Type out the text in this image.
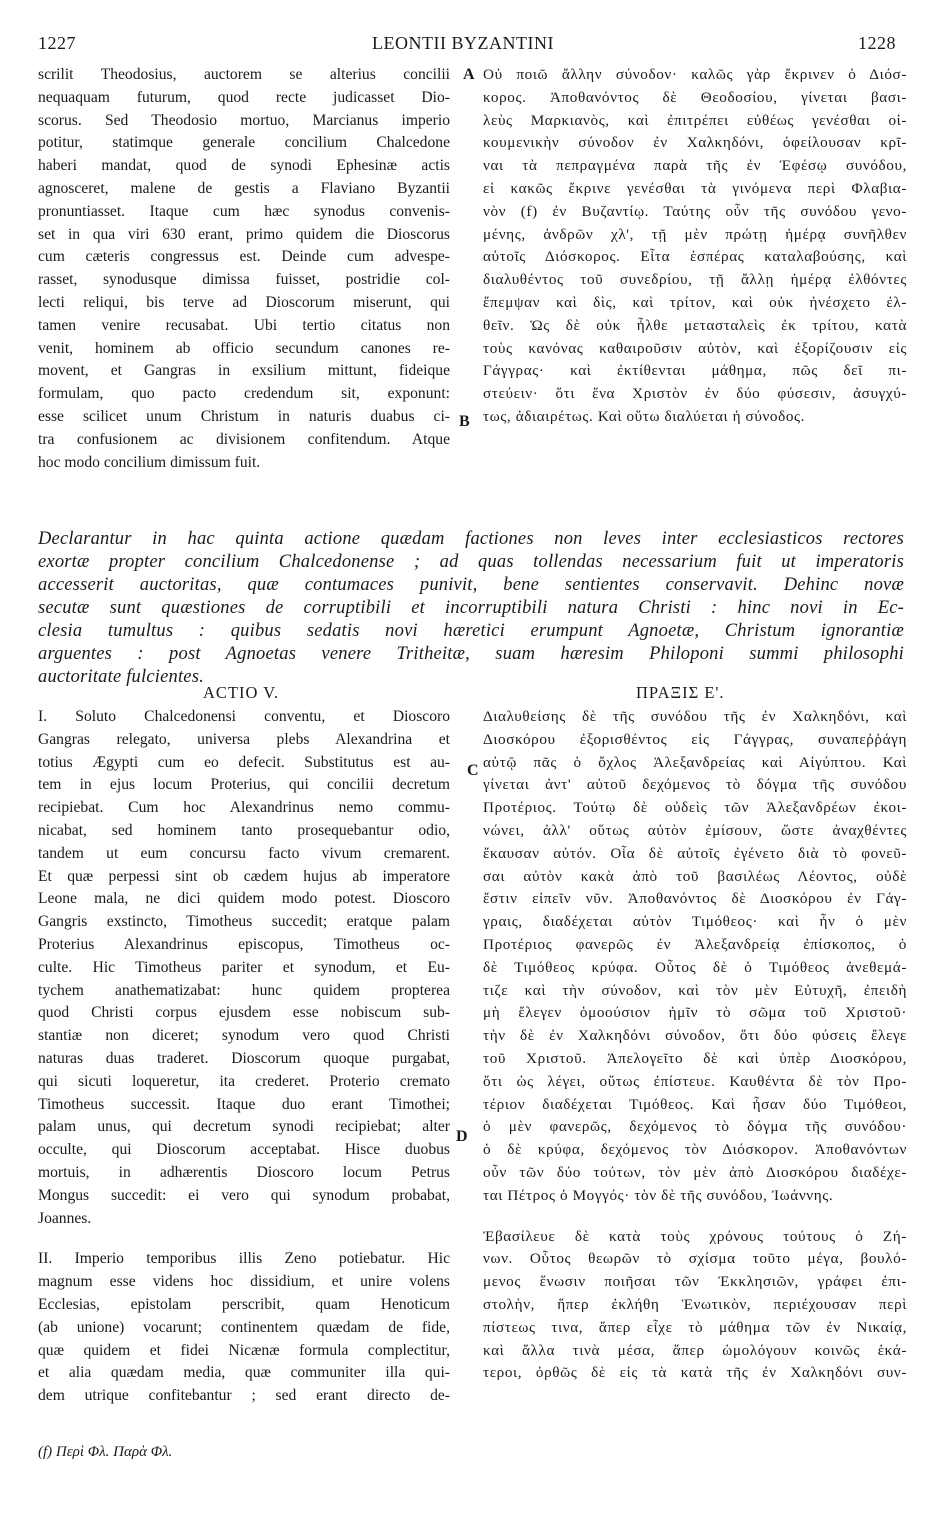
1227	LEONTII BYZANTINI	1228
A
B
C
D
scrilit Theodosius, auctorem se alterius concilii
nequaquam futurum, quod recte judicasset Dio-
scorus. Sed Theodosio mortuo, Marcianus imperio
potitur, statimque generale concilium Chalcedone
haberi mandat, quod de synodi Ephesinæ actis
agnosceret, malene de gestis a Flaviano Byzantii
pronuntiasset. Itaque cum hæc synodus convenis-
set in qua viri 630 erant, primo quidem die Dioscorus
cum cæteris congressus est. Deinde cum advespe-
rasset, synodusque dimissa fuisset, postridie col-
lecti reliqui, bis terve ad Dioscorum miserunt, qui
tamen venire recusabat. Ubi tertio citatus non
venit, hominem ab officio secundum canones re-
movent, et Gangras in exsilium mittunt, fideique
formulam, quo pacto credendum sit, exponunt:
esse scilicet unum Christum in naturis duabus ci-
tra confusionem ac divisionem confitendum. Atque
hoc modo concilium dimissum fuit.
Οὐ ποιῶ ἄλλην σύνοδον· καλῶς γὰρ ἔκρινεν ὁ Διόσ-
κορος. Ἀποθανόντος δὲ Θεοδοσίου, γίνεται βασι-
λεὺς Μαρκιανὸς, καὶ ἐπιτρέπει εὐθέως γενέσθαι οἰ-
κουμενικὴν σύνοδον ἐν Χαλκηδόνι, ὀφείλουσαν κρῖ-
ναι τὰ πεπραγμένα παρὰ τῆς ἐν Ἐφέσῳ συνόδου,
εἰ κακῶς ἔκρινε γενέσθαι τὰ γινόμενα περὶ Φλαβια-
νὸν (f) ἐν Βυζαντίῳ. Ταύτης οὖν τῆς συνόδου γενο-
μένης, ἀνδρῶν χλ', τῇ μὲν πρώτῃ ἡμέρᾳ συνῆλθεν
αὐτοῖς Διόσκορος. Εἶτα ἑσπέρας καταλαβούσης, καὶ
διαλυθέντος τοῦ συνεδρίου, τῇ ἄλλῃ ἡμέρᾳ ἐλθόντες
ἔπεμψαν καὶ δὶς, καὶ τρίτον, καὶ οὐκ ἠνέσχετο ἐλ-
θεῖν. Ὡς δὲ οὐκ ἦλθε μετασταλεὶς ἐκ τρίτου, κατὰ
τοὺς κανόνας καθαιροῦσιν αὐτὸν, καὶ ἐξορίζουσιν εἰς
Γάγγρας· καὶ ἐκτίθενται μάθημα, πῶς δεῖ πι-
στεύειν· ὅτι ἕνα Χριστὸν ἐν δύο φύσεσιν, ἀσυγχύ-
τως, ἀδιαιρέτως. Καὶ οὕτω διαλύεται ἡ σύνοδος.
Declarantur in hac quinta actione quædam factiones non leves inter ecclesiasticos rectores
exortæ propter concilium Chalcedonense ; ad quas tollendas necessarium fuit ut imperatoris
accesserit auctoritas, quæ contumaces punivit, bene sentientes conservavit. Dehinc novæ
secutæ sunt quæstiones de corruptibili et incorruptibili natura Christi : hinc novi in Ec-
clesia tumultus : quibus sedatis novi hæretici erumpunt Agnoetæ, Christum ignorantiæ
arguentes : post Agnoetas venere Tritheitæ, suam hæresim Philoponi summi philosophi
auctoritate fulcientes.
ACTIO V.	ΠΡΑΞΙΣ Ε'.
I. Soluto Chalcedonensi conventu, et Dioscoro
Gangras relegato, universa plebs Alexandrina et
totius Ægypti cum eo defecit. Substitutus est au-
tem in ejus locum Proterius, qui concilii decretum
recipiebat. Cum hoc Alexandrinus nemo commu-
nicabat, sed hominem tanto prosequebantur odio,
tandem ut eum concursu facto vivum cremarent.
Et quæ perpessi sint ob cædem hujus ab imperatore
Leone mala, ne dici quidem modo potest. Dioscoro
Gangris exstincto, Timotheus succedit; eratque palam
Proterius Alexandrinus episcopus, Timotheus oc-
culte. Hic Timotheus pariter et synodum, et Eu-
tychem anathematizabat: hunc quidem propterea
quod Christi corpus ejusdem esse nobiscum sub-
stantiæ non diceret; synodum vero quod Christi
naturas duas traderet. Dioscorum quoque purgabat,
qui sicuti loqueretur, ita crederet. Proterio cremato
Timotheus successit. Itaque duo erant Timothei;
palam unus, qui decretum synodi recipiebat; alter
occulte, qui Dioscorum acceptabat. Hisce duobus
mortuis, in adhærentis Dioscoro locum Petrus
Mongus succedit: ei vero qui synodum probabat,
Joannes.
II. Imperio temporibus illis Zeno potiebatur. Hic
magnum esse videns hoc dissidium, et unire volens
Ecclesias, epistolam perscribit, quam Henoticum
(ab unione) vocarunt; continentem quædam de fide,
quæ quidem et fidei Nicænæ formula complectitur,
et alia quædam media, quæ communiter illa qui-
dem utrique confitebantur ; sed erant directo de-
Διαλυθείσης δὲ τῆς συνόδου τῆς ἐν Χαλκηδόνι, καὶ
Διοσκόρου ἐξορισθέντος εἰς Γάγγρας, συναπεῤῥάγη
αὐτῷ πᾶς ὁ ὄχλος Ἀλεξανδρείας καὶ Αἰγύπτου. Καὶ
γίνεται ἀντ' αὐτοῦ δεχόμενος τὸ δόγμα τῆς συνόδου
Προτέριος. Τούτῳ δὲ οὐδεὶς τῶν Ἀλεξανδρέων ἐκοι-
νώνει, ἀλλ' οὕτως αὐτὸν ἐμίσουν, ὥστε ἀναχθέντες
ἔκαυσαν αὐτόν. Οἷα δὲ αὐτοῖς ἐγένετο διὰ τὸ φονεῦ-
σαι αὐτὸν κακὰ ἀπὸ τοῦ βασιλέως Λέοντος, οὐδὲ
ἔστιν εἰπεῖν νῦν. Ἀποθανόντος δὲ Διοσκόρου ἐν Γάγ-
γραις, διαδέχεται αὐτὸν Τιμόθεος· καὶ ἦν ὁ μὲν
Προτέριος φανερῶς ἐν Ἀλεξανδρείᾳ ἐπίσκοπος, ὁ
δὲ Τιμόθεος κρύφα. Οὗτος δὲ ὁ Τιμόθεος ἀνεθεμά-
τιζε καὶ τὴν σύνοδον, καὶ τὸν μὲν Εὐτυχῆ, ἐπειδὴ
μὴ ἔλεγεν ὁμοούσιον ἡμῖν τὸ σῶμα τοῦ Χριστοῦ·
τὴν δὲ ἐν Χαλκηδόνι σύνοδον, ὅτι δύο φύσεις ἔλεγε
τοῦ Χριστοῦ. Ἀπελογεῖτο δὲ καὶ ὑπὲρ Διοσκόρου,
ὅτι ὡς λέγει, οὕτως ἐπίστευε. Καυθέντα δὲ τὸν Προ-
τέριον διαδέχεται Τιμόθεος. Καὶ ἦσαν δύο Τιμόθεοι,
ὁ μὲν φανερῶς, δεχόμενος τὸ δόγμα τῆς συνόδου·
ὁ δὲ κρύφα, δεχόμενος τὸν Διόσκορον. Ἀποθανόντων
οὖν τῶν δύο τούτων, τὸν μὲν ἀπὸ Διοσκόρου διαδέχε-
ται Πέτρος ὁ Μογγός· τὸν δὲ τῆς συνόδου, Ἰωάννης.
Ἐβασίλευε δὲ κατὰ τοὺς χρόνους τούτους ὁ Ζή-
νων. Οὗτος θεωρῶν τὸ σχίσμα τοῦτο μέγα, βουλό-
μενος ἕνωσιν ποιῆσαι τῶν Ἐκκλησιῶν, γράφει ἐπι-
στολὴν, ἥπερ ἐκλήθη Ἑνωτικὸν, περιέχουσαν περὶ
πίστεως τινα, ἅπερ εἶχε τὸ μάθημα τῶν ἐν Νικαίᾳ,
καὶ ἄλλα τινὰ μέσα, ἅπερ ὡμολόγουν κοινῶς ἑκά-
τεροι, ὀρθῶς δὲ εἰς τὰ κατὰ τῆς ἐν Χαλκηδόνι συν-
(f) Περὶ Φλ. Παρὰ Φλ.
